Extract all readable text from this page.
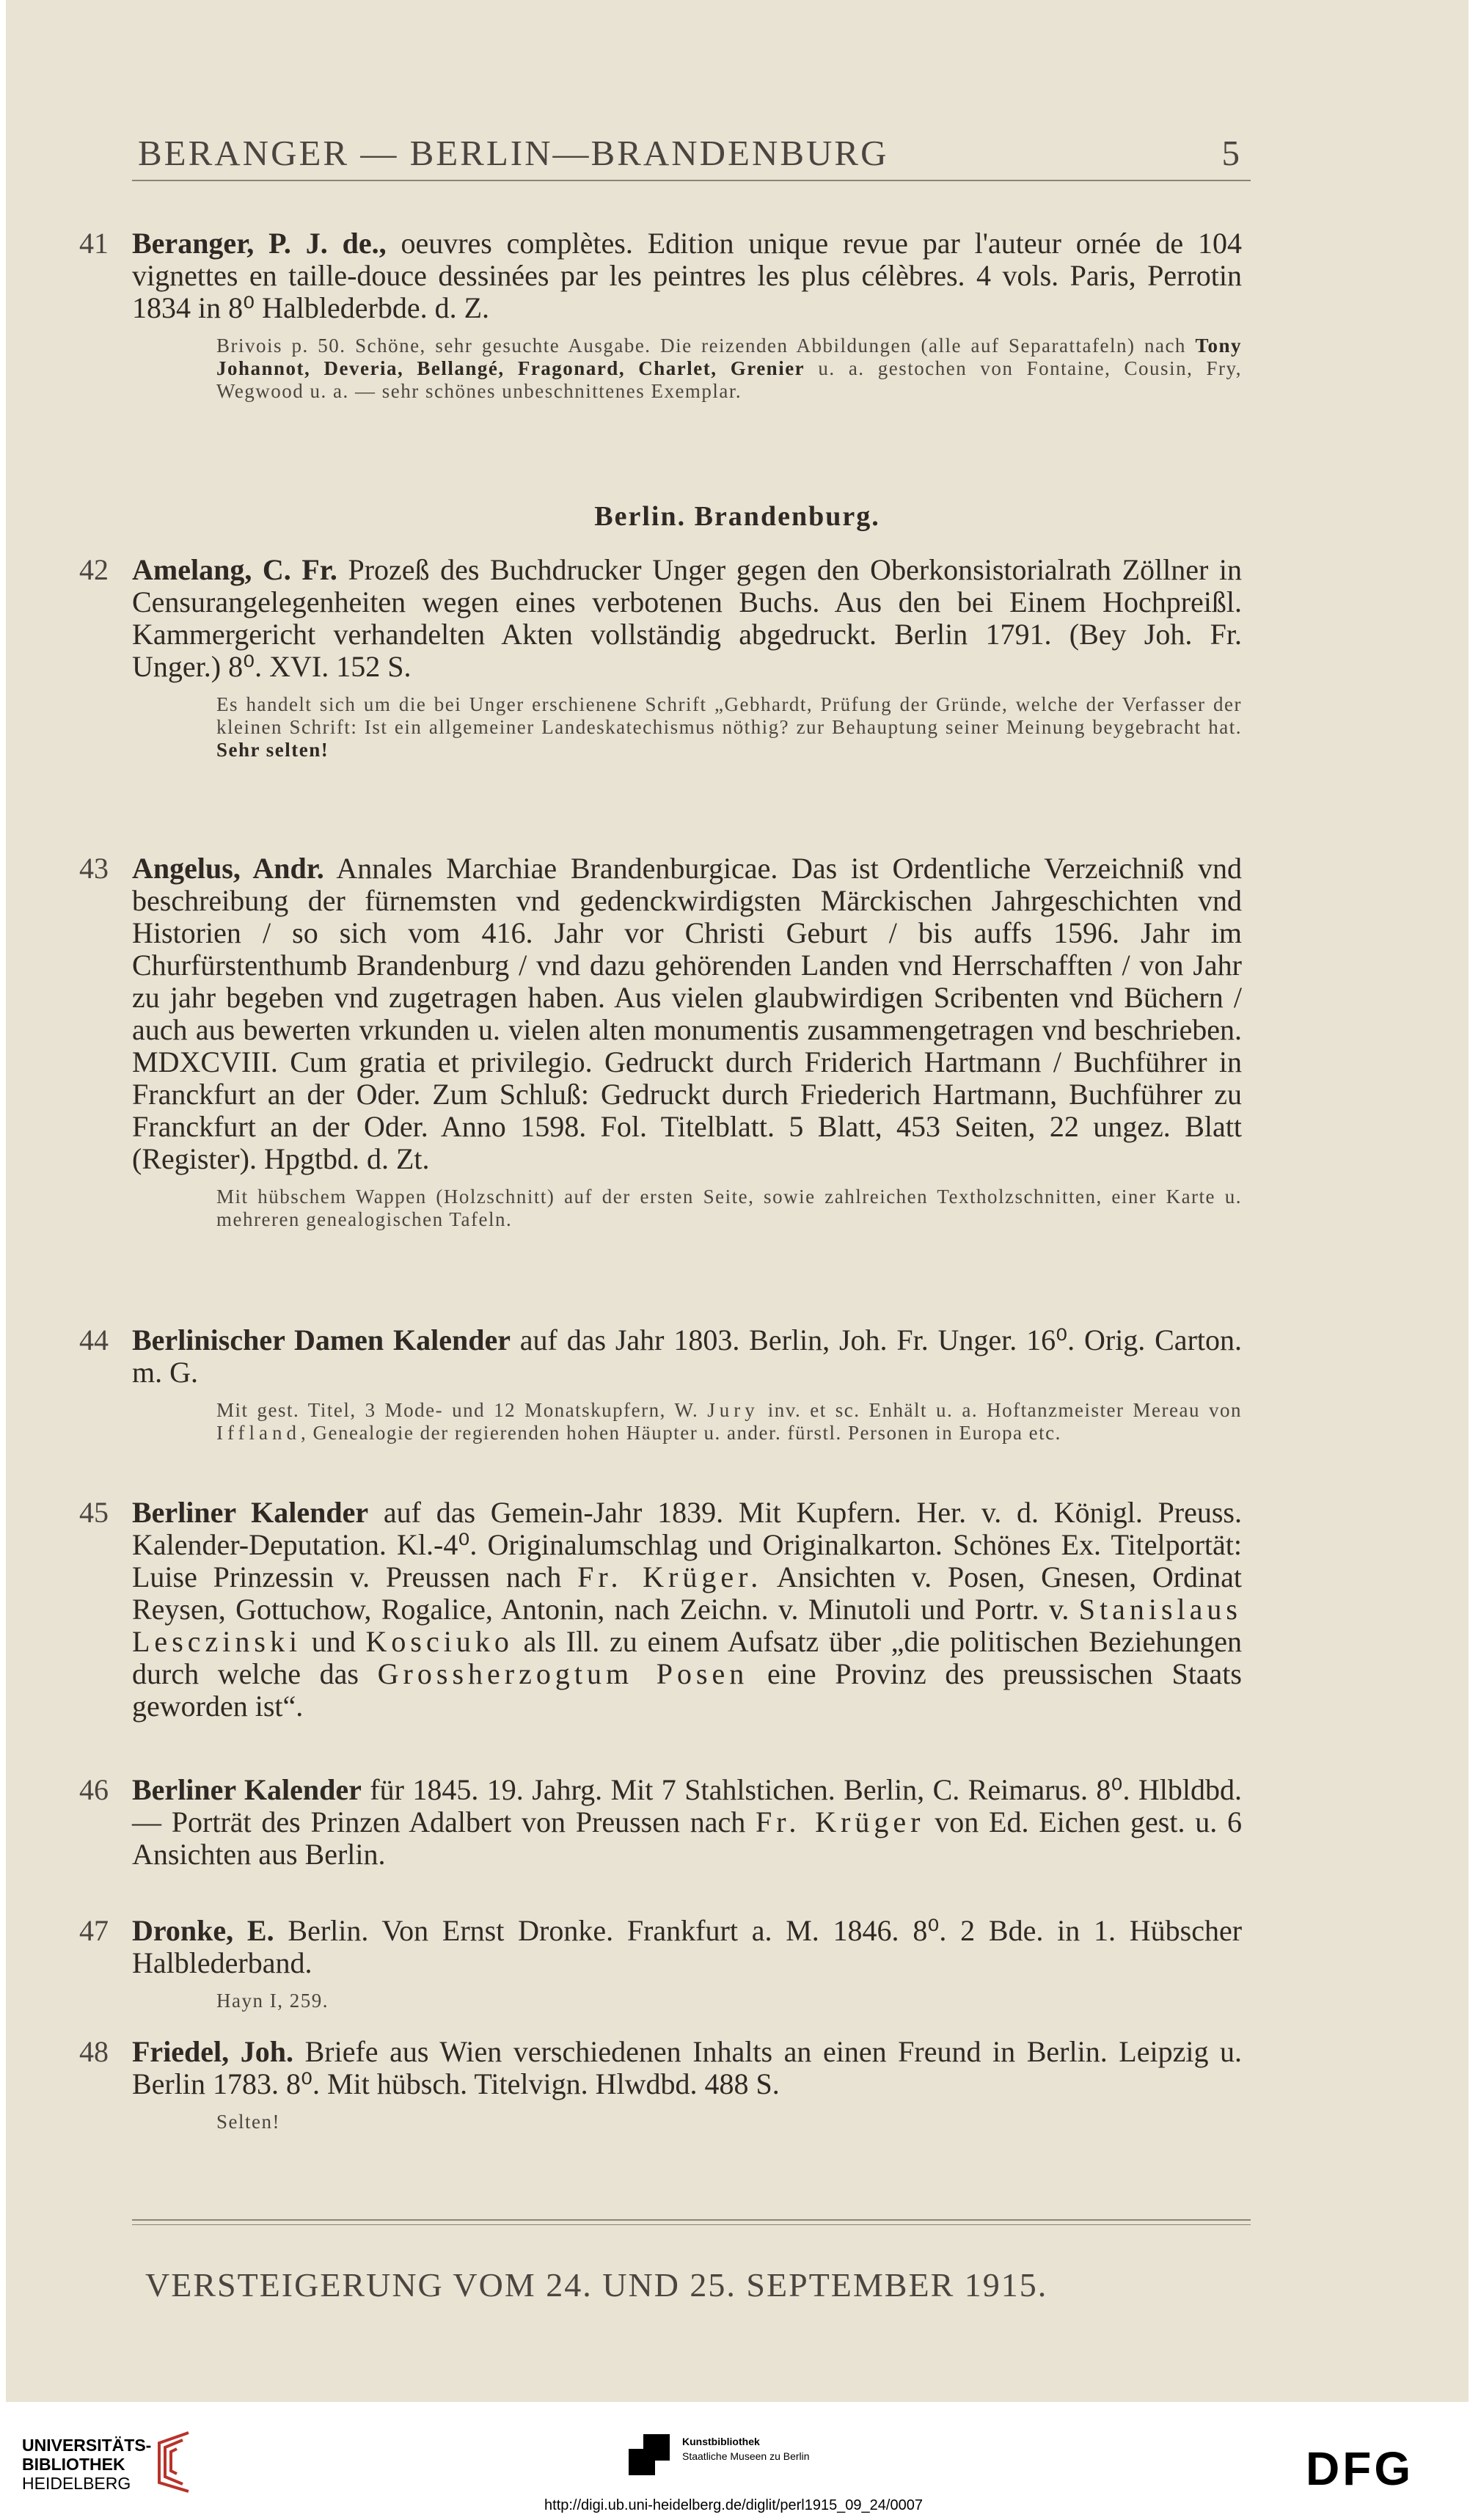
BERANGER — BERLIN—BRANDENBURG	5
41 Beranger, P. J. de., oeuvres complètes. Edition unique revue par l'auteur ornée de 104 vignettes en taille-douce dessinées par les peintres les plus célèbres. 4 vols. Paris, Perrotin 1834 in 8⁰ Halblederbde. d. Z.
Brivois p. 50. Schöne, sehr gesuchte Ausgabe. Die reizenden Abbildungen (alle auf Separattafeln) nach Tony Johannot, Deveria, Bellangé, Fragonard, Charlet, Grenier u. a. gestochen von Fontaine, Cousin, Fry, Wegwood u. a. — sehr schönes unbeschnittenes Exemplar.
Berlin. Brandenburg.
42 Amelang, C. Fr. Prozeß des Buchdrucker Unger gegen den Oberkonsistorialrath Zöllner in Censurangelegenheiten wegen eines verbotenen Buchs. Aus den bei Einem Hochpreißl. Kammergericht verhandelten Akten vollständig abgedruckt. Berlin 1791. (Bey Joh. Fr. Unger.) 8⁰. XVI. 152 S.
Es handelt sich um die bei Unger erschienene Schrift „Gebhardt, Prüfung der Gründe, welche der Verfasser der kleinen Schrift: Ist ein allgemeiner Landeskatechismus nöthig? zur Behauptung seiner Meinung beygebracht hat. Sehr selten!
43 Angelus, Andr. Annales Marchiae Brandenburgicae. Das ist Ordentliche Verzeichniß vnd beschreibung der fürnemsten vnd gedenckwirdigsten Märckischen Jahrgeschichten vnd Historien / so sich vom 416. Jahr vor Christi Geburt / bis auffs 1596. Jahr im Churfürstenthumb Brandenburg / vnd dazu gehörenden Landen vnd Herrschafften / von Jahr zu jahr begeben vnd zugetragen haben. Aus vielen glaubwirdigen Scribenten vnd Büchern / auch aus bewerten vrkunden u. vielen alten monumentis zusammengetragen vnd beschrieben. MDXCVIII. Cum gratia et privilegio. Gedruckt durch Friderich Hartmann / Buchführer in Franckfurt an der Oder. Zum Schluß: Gedruckt durch Friederich Hartmann, Buchführer zu Franckfurt an der Oder. Anno 1598. Fol. Titelblatt. 5 Blatt, 453 Seiten, 22 ungez. Blatt (Register). Hpgtbd. d. Zt.
Mit hübschem Wappen (Holzschnitt) auf der ersten Seite, sowie zahlreichen Textholzschnitten, einer Karte u. mehreren genealogischen Tafeln.
44 Berlinischer Damen Kalender auf das Jahr 1803. Berlin, Joh. Fr. Unger. 16⁰. Orig. Carton. m. G.
Mit gest. Titel, 3 Mode- und 12 Monatskupfern, W. Jury inv. et sc. Enhält u. a. Hoftanzmeister Mereau von Iffland, Genealogie der regierenden hohen Häupter u. ander. fürstl. Personen in Europa etc.
45 Berliner Kalender auf das Gemein-Jahr 1839. Mit Kupfern. Her. v. d. Königl. Preuss. Kalender-Deputation. Kl.-4⁰. Originalumschlag und Originalkarton. Schönes Ex. Titelportät: Luise Prinzessin v. Preussen nach Fr. Krüger. Ansichten v. Posen, Gnesen, Ordinat Reysen, Gottuchow, Rogalice, Antonin, nach Zeichn. v. Minutoli und Portr. v. Stanislaus Lesczinski und Kosciuko als Ill. zu einem Aufsatz über „die politischen Beziehungen durch welche das Grossherzogtum Posen eine Provinz des preussischen Staats geworden ist“.
46 Berliner Kalender für 1845. 19. Jahrg. Mit 7 Stahlstichen. Berlin, C. Reimarus. 8⁰. Hlbldbd. — Porträt des Prinzen Adalbert von Preussen nach Fr. Krüger von Ed. Eichen gest. u. 6 Ansichten aus Berlin.
47 Dronke, E. Berlin. Von Ernst Dronke. Frankfurt a. M. 1846. 8⁰. 2 Bde. in 1. Hübscher Halblederband.
Hayn I, 259.
48 Friedel, Joh. Briefe aus Wien verschiedenen Inhalts an einen Freund in Berlin. Leipzig u. Berlin 1783. 8⁰. Mit hübsch. Titelvign. Hlwdbd. 488 S.
Selten!
VERSTEIGERUNG VOM 24. UND 25. SEPTEMBER 1915.
UNIVERSITÄTS-
BIBLIOTHEK
HEIDELBERG
Kunstbibliothek
Staatliche Museen zu Berlin	DFG
http://digi.ub.uni-heidelberg.de/diglit/perl1915_09_24/0007
